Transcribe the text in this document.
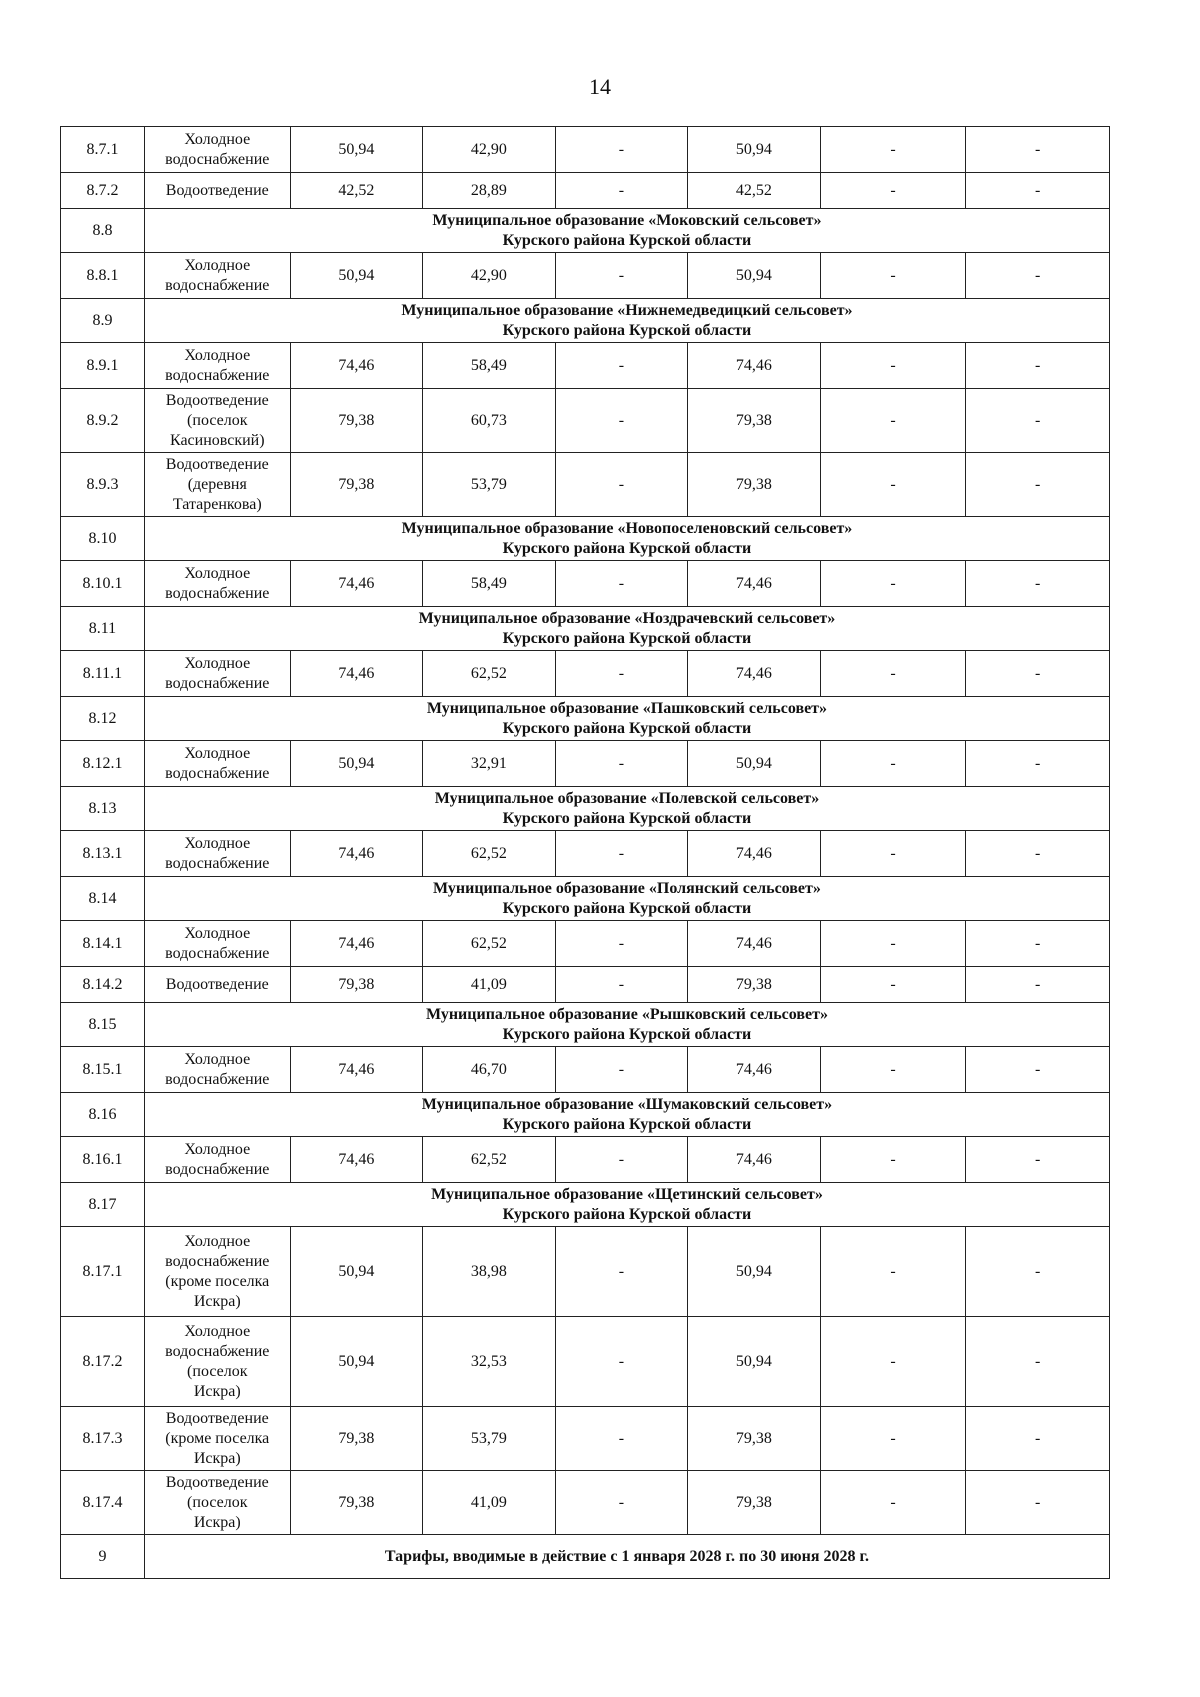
14
8.7.1	Холодное
водоснабжение	50,94	42,90	-	50,94	-	-
8.7.2	Водоотведение	42,52	28,89	-	42,52	-	-
8.8	Муниципальное образование «Моковский сельсовет»
Курского района Курской области						

8.8.1	Холодное
водоснабжение	50,94	42,90	-	50,94	-	-
8.9	Муниципальное образование «Нижнемедведицкий сельсовет»
Курского района Курской области						

8.9.1	Холодное
водоснабжение	74,46	58,49	-	74,46	-	-
8.9.2	Водоотведение
(поселок
Касиновский)	79,38	60,73	-	79,38	-	-
8.9.3	Водоотведение
(деревня
Татаренкова)	79,38	53,79	-	79,38	-	-
8.10	Муниципальное образование «Новопоселеновский сельсовет»
Курского района Курской области						

8.10.1	Холодное
водоснабжение	74,46	58,49	-	74,46	-	-
8.11	Муниципальное образование «Ноздрачевский сельсовет»
Курского района Курской области						

8.11.1	Холодное
водоснабжение	74,46	62,52	-	74,46	-	-
8.12	Муниципальное образование «Пашковский сельсовет»
Курского района Курской области						

8.12.1	Холодное
водоснабжение	50,94	32,91	-	50,94	-	-
8.13	Муниципальное образование «Полевской сельсовет»
Курского района Курской области						

8.13.1	Холодное
водоснабжение	74,46	62,52	-	74,46	-	-
8.14	Муниципальное образование «Полянский сельсовет»
Курского района Курской области						

8.14.1	Холодное
водоснабжение	74,46	62,52	-	74,46	-	-
8.14.2	Водоотведение	79,38	41,09	-	79,38	-	-
8.15	Муниципальное образование «Рышковский сельсовет»
Курского района Курской области						

8.15.1	Холодное
водоснабжение	74,46	46,70	-	74,46	-	-
8.16	Муниципальное образование «Шумаковский сельсовет»
Курского района Курской области						

8.16.1	Холодное
водоснабжение	74,46	62,52	-	74,46	-	-
8.17	Муниципальное образование «Щетинский сельсовет»
Курского района Курской области						

8.17.1	Холодное
водоснабжение
(кроме поселка
Искра)	50,94	38,98	-	50,94	-	-
8.17.2	Холодное
водоснабжение
(поселок
Искра)	50,94	32,53	-	50,94	-	-
8.17.3	Водоотведение
(кроме поселка
Искра)	79,38	53,79	-	79,38	-	-
8.17.4	Водоотведение
(поселок
Искра)	79,38	41,09	-	79,38	-	-
9	Тарифы, вводимые в действие с 1 января 2028 г. по 30 июня 2028 г.						
